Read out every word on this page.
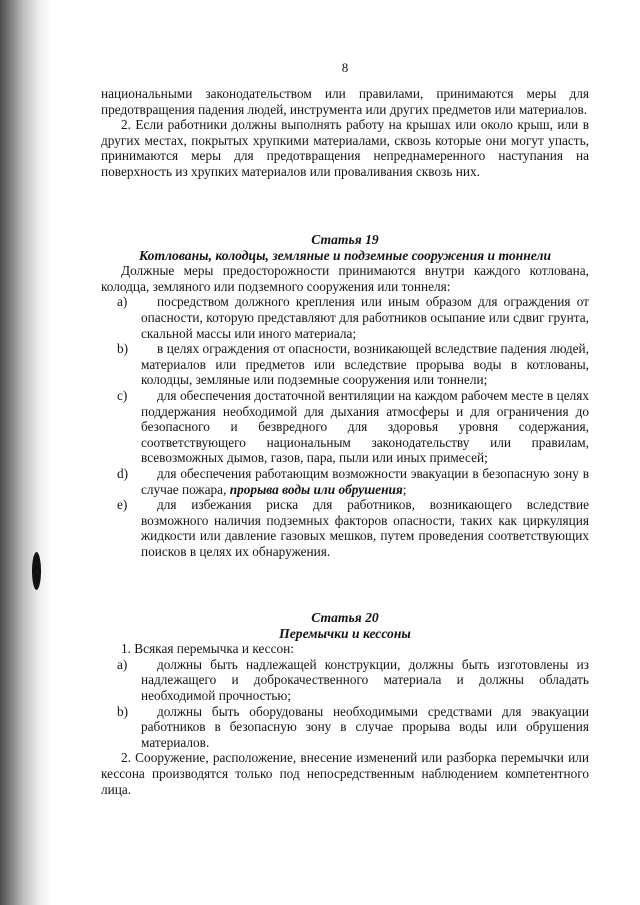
8

национальными законодательством или правилами, принимаются меры для предотвращения падения людей, инструмента или других предметов или материалов.

2. Если работники должны выполнять работу на крышах или около крыш, или в других местах, покрытых хрупкими материалами, сквозь которые они могут упасть, принимаются меры для предотвращения непреднамеренного наступания на поверхность из хрупких материалов или проваливания сквозь них.

Статья 19
Котлованы, колодцы, земляные и подземные сооружения и тоннели

Должные меры предосторожности принимаются внутри каждого котлована, колодца, земляного или подземного сооружения или тоннеля:

a)	посредством должного крепления или иным образом для ограждения от опасности, которую представляют для работников осыпание или сдвиг грунта, скальной массы или иного материала;
b)	в целях ограждения от опасности, возникающей вследствие падения людей, материалов или предметов или вследствие прорыва воды в котлованы, колодцы, земляные или подземные сооружения или тоннели;
c)	для обеспечения достаточной вентиляции на каждом рабочем месте в целях поддержания необходимой для дыхания атмосферы и для ограничения до безопасного и безвредного для здоровья уровня содержания, соответствующего национальным законодательству или правилам, всевозможных дымов, газов, пара, пыли или иных примесей;
d)	для обеспечения работающим возможности эвакуации в безопасную зону в случае пожара, прорыва воды или обрушения;
e)	для избежания риска для работников, возникающего вследствие возможного наличия подземных факторов опасности, таких как циркуляция жидкости или давление газовых мешков, путем проведения соответствующих поисков в целях их обнаружения.
Статья 20
Перемычки и кессоны

1. Всякая перемычка и кессон:

a)	должны быть надлежащей конструкции, должны быть изготовлены из надлежащего и доброкачественного материала и должны обладать необходимой прочностью;
b)	должны быть оборудованы необходимыми средствами для эвакуации работников в безопасную зону в случае прорыва воды или обрушения материалов.

2. Сооружение, расположение, внесение изменений или разборка перемычки или кессона производятся только под непосредственным наблюдением компетентного лица.
